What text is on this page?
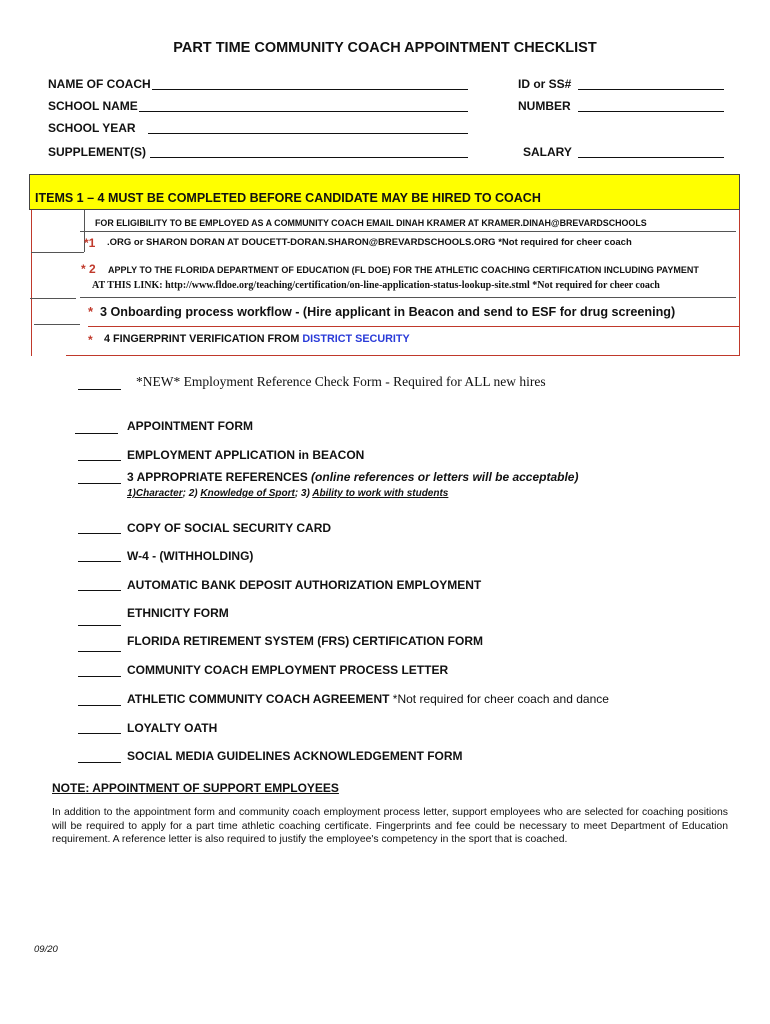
PART TIME COMMUNITY COACH APPOINTMENT CHECKLIST
NAME OF COACH
SCHOOL NAME
SCHOOL YEAR
SUPPLEMENT(S)
ID or SS#
NUMBER
SALARY
ITEMS 1 – 4 MUST BE COMPLETED BEFORE CANDIDATE MAY BE HIRED TO COACH
FOR ELIGIBILITY TO BE EMPLOYED AS A COMMUNITY COACH EMAIL DINAH KRAMER AT KRAMER.DINAH@BREVARDSCHOOLS
*1 .ORG or SHARON DORAN AT DOUCETT-DORAN.SHARON@BREVARDSCHOOLS.ORG *Not required for cheer coach
* 2 APPLY TO THE FLORIDA DEPARTMENT OF EDUCATION (FL DOE) FOR THE ATHLETIC COACHING CERTIFICATION INCLUDING PAYMENT
AT THIS LINK: http://www.fldoe.org/teaching/certification/on-line-application-status-lookup-site.stml *Not required for cheer coach
* 3 Onboarding process workflow - (Hire applicant in Beacon and send to ESF for drug screening)
* 4 FINGERPRINT VERIFICATION FROM DISTRICT SECURITY
*NEW* Employment Reference Check Form - Required for ALL new hires
APPOINTMENT FORM
EMPLOYMENT APPLICATION in BEACON
3 APPROPRIATE REFERENCES (online references or letters will be acceptable)
1)Character; 2) Knowledge of Sport; 3) Ability to work with students
COPY OF SOCIAL SECURITY CARD
W-4 - (WITHHOLDING)
AUTOMATIC BANK DEPOSIT AUTHORIZATION EMPLOYMENT
ETHNICITY FORM
FLORIDA RETIREMENT SYSTEM (FRS) CERTIFICATION FORM
COMMUNITY COACH EMPLOYMENT PROCESS LETTER
ATHLETIC COMMUNITY COACH AGREEMENT *Not required for cheer coach and dance
LOYALTY OATH
SOCIAL MEDIA GUIDELINES ACKNOWLEDGEMENT FORM
NOTE: APPOINTMENT OF SUPPORT EMPLOYEES
In addition to the appointment form and community coach employment process letter, support employees who are selected for coaching positions will be required to apply for a part time athletic coaching certificate. Fingerprints and fee could be necessary to meet Department of Education requirement. A reference letter is also required to justify the employee's competency in the sport that is coached.
09/20
